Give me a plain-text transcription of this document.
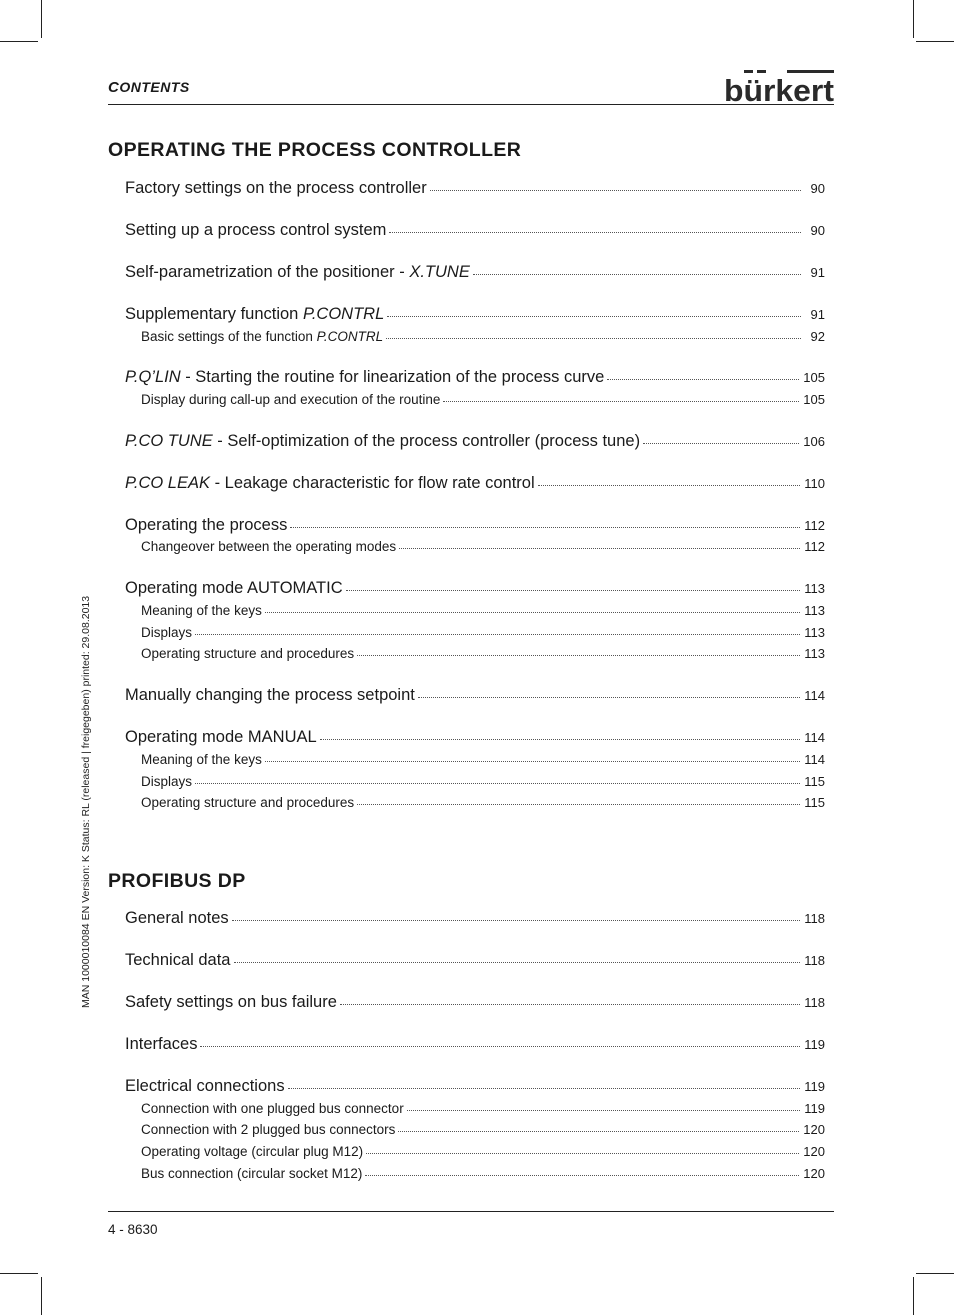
CONTENTS	bürkert
OPERATING THE PROCESS CONTROLLER
PROFIBUS DP
Factory settings on the process controller	90
Setting up a process control system	90
Self-parametrization of the positioner - X.TUNE	91
Supplementary function P.CONTRL	91
Basic settings of the function P.CONTRL	92
P.Q’LIN - Starting the routine for linearization of the process curve	105
Display during call-up and execution of the routine	105
P.CO TUNE - Self-optimization of the process controller (process tune)	106
P.CO LEAK - Leakage characteristic for flow rate control	110
Operating the process	112
Changeover between the operating modes	112
Operating mode AUTOMATIC	113
Meaning of the keys	113
Displays	113
Operating structure and procedures	113
Manually changing the process setpoint	114
Operating mode MANUAL	114
Meaning of the keys	114
Displays	115
Operating structure and procedures	115
General notes	118
Technical data	118
Safety settings on bus failure	118
Interfaces	119
Electrical connections	119
Connection with one plugged bus connector	119
Connection with 2 plugged bus connectors	120
Operating voltage (circular plug M12)	120
Bus connection (circular socket M12)	120
MAN 1000010084 EN Version: K Status: RL (released | freigegeben) printed: 29.08.2013
4 - 8630
